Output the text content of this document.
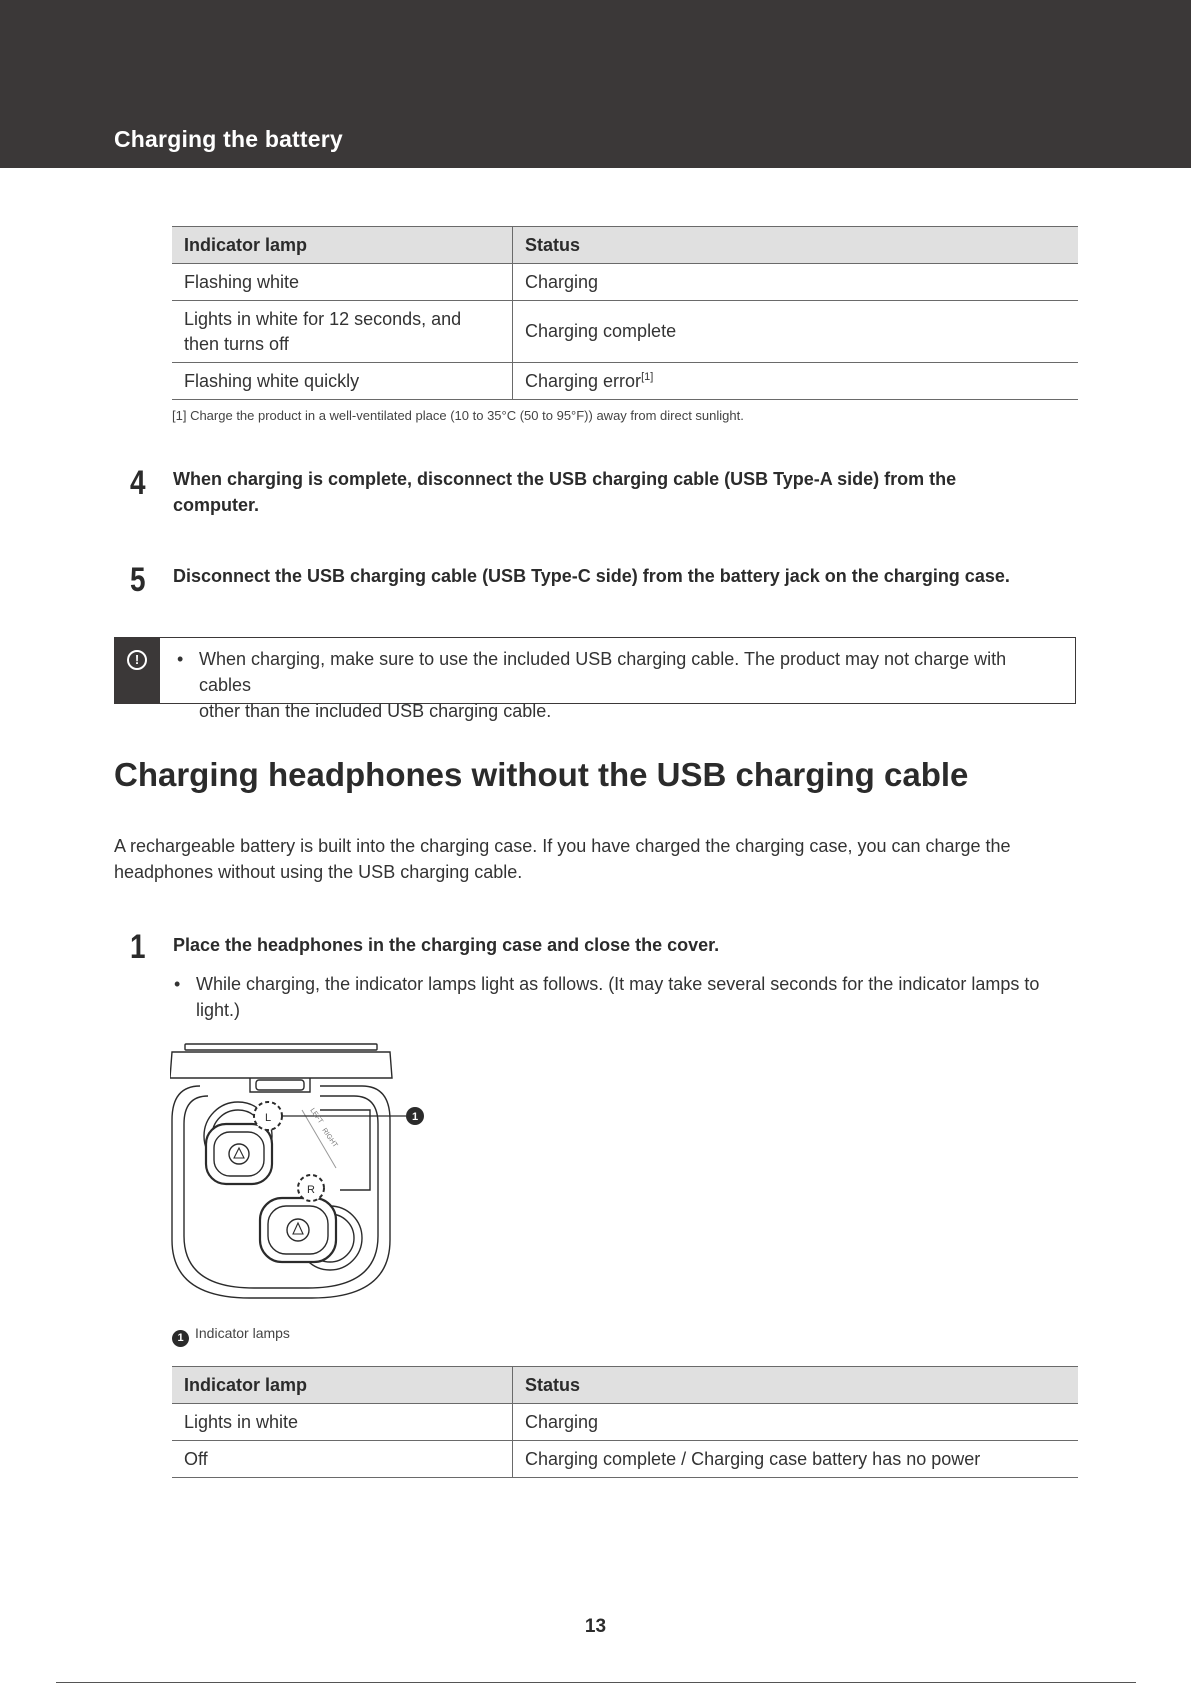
Charging the battery
Indicator lamp	Status
Flashing white	Charging
Lights in white for 12 seconds, and
then turns off	Charging complete
Flashing white quickly	Charging error[1]
[1] Charge the product in a well-ventilated place (10 to 35°C (50 to 95°F)) away from direct sunlight.
4 When charging is complete, disconnect the USB charging cable (USB Type-A side) from the
computer.
5 Disconnect the USB charging cable (USB Type-C side) from the battery jack on the charging case.
!	• When charging, make sure to use the included USB charging cable. The product may not charge with cables
other than the included USB charging cable.
Charging headphones without the USB charging cable
A rechargeable battery is built into the charging case. If you have charged the charging case, you can charge the
headphones without using the USB charging cable.
1 Place the headphones in the charging case and close the cover.
• While charging, the indicator lamps light as follows. (It may take several seconds for the indicator lamps to
light.)
L
R
LEFT
RIGHT
1
1 Indicator lamps
Indicator lamp	Status
Lights in white	Charging
Off	Charging complete / Charging case battery has no power
13
